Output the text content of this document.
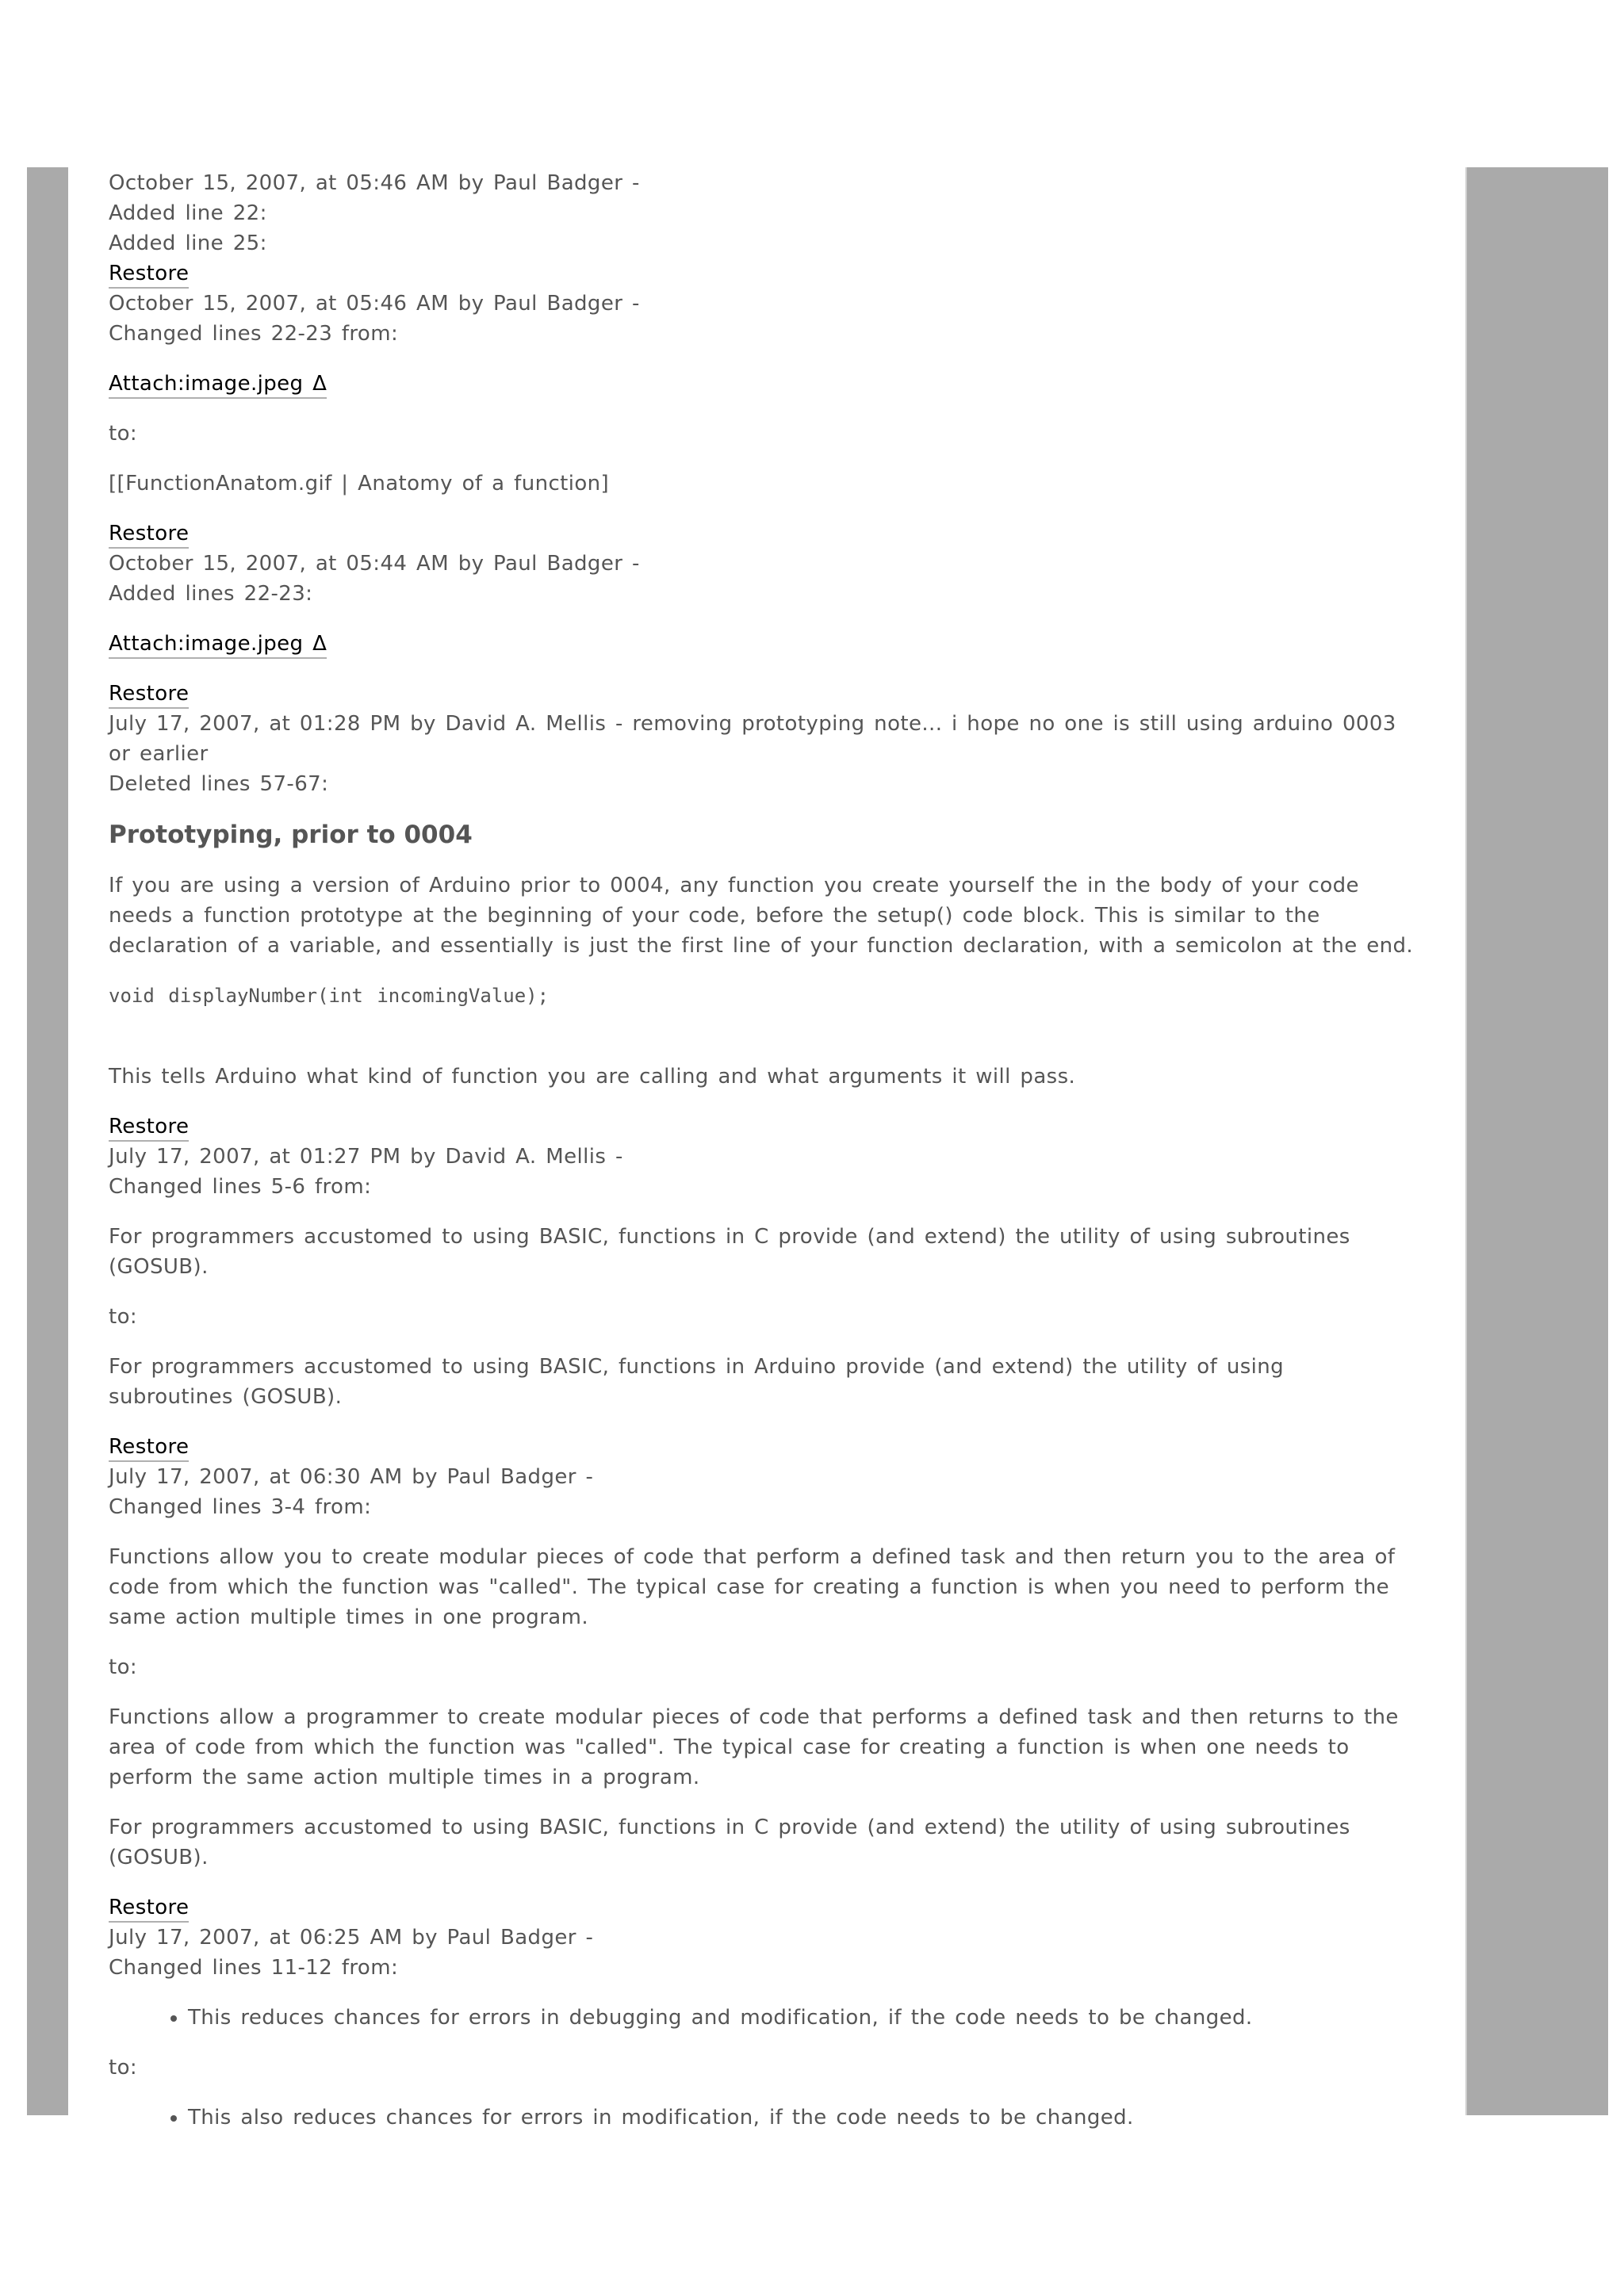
October 15, 2007, at 05:46 AM by Paul Badger -
Added line 22:
Added line 25:
Restore
October 15, 2007, at 05:46 AM by Paul Badger -
Changed lines 22-23 from:
Attach:image.jpeg Δ
to:
[[FunctionAnatom.gif | Anatomy of a function]
Restore
October 15, 2007, at 05:44 AM by Paul Badger -
Added lines 22-23:
Attach:image.jpeg Δ
Restore
July 17, 2007, at 01:28 PM by David A. Mellis - removing prototyping note... i hope no one is still using arduino 0003 or earlier
Deleted lines 57-67:
Prototyping, prior to 0004
If you are using a version of Arduino prior to 0004, any function you create yourself the in the body of your code needs a function prototype at the beginning of your code, before the setup() code block. This is similar to the declaration of a variable, and essentially is just the first line of your function declaration, with a semicolon at the end.
void displayNumber(int incomingValue);
This tells Arduino what kind of function you are calling and what arguments it will pass.
Restore
July 17, 2007, at 01:27 PM by David A. Mellis -
Changed lines 5-6 from:
For programmers accustomed to using BASIC, functions in C provide (and extend) the utility of using subroutines (GOSUB).
to:
For programmers accustomed to using BASIC, functions in Arduino provide (and extend) the utility of using subroutines (GOSUB).
Restore
July 17, 2007, at 06:30 AM by Paul Badger -
Changed lines 3-4 from:
Functions allow you to create modular pieces of code that perform a defined task and then return you to the area of code from which the function was "called". The typical case for creating a function is when you need to perform the same action multiple times in one program.
to:
Functions allow a programmer to create modular pieces of code that performs a defined task and then returns to the area of code from which the function was "called". The typical case for creating a function is when one needs to perform the same action multiple times in a program.
For programmers accustomed to using BASIC, functions in C provide (and extend) the utility of using subroutines (GOSUB).
Restore
July 17, 2007, at 06:25 AM by Paul Badger -
Changed lines 11-12 from:
• This reduces chances for errors in debugging and modification, if the code needs to be changed.
to:
• This also reduces chances for errors in modification, if the code needs to be changed.
